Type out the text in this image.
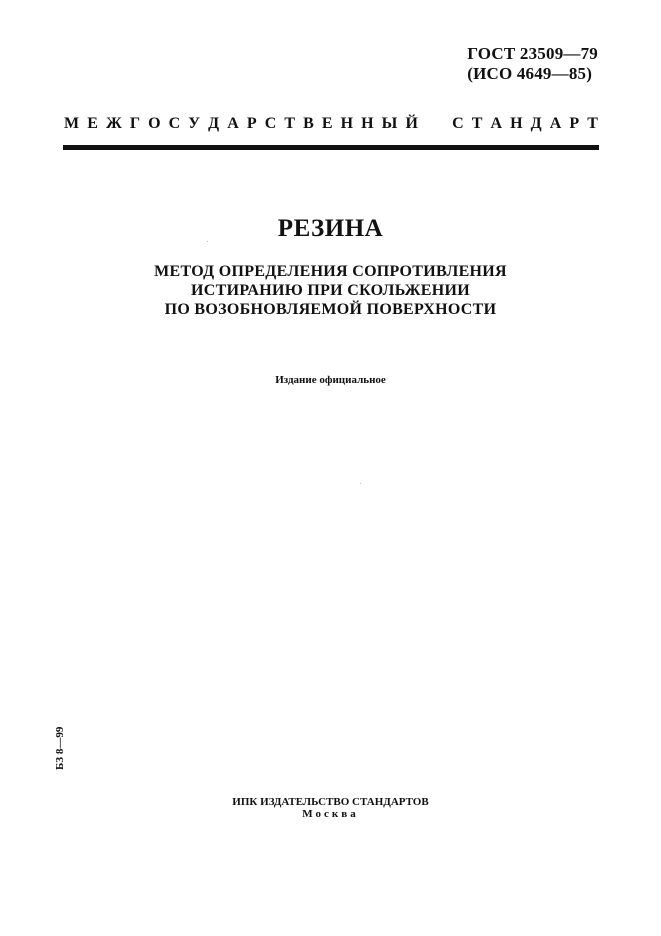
ГОСТ 23509—79
(ИСО 4649—85)
М Е Ж Г О С У Д А Р С Т В Е Н Н Ы Й С Т А Н Д А Р Т
РЕЗИНА
МЕТОД ОПРЕДЕЛЕНИЯ СОПРОТИВЛЕНИЯ
ИСТИРАНИЮ ПРИ СКОЛЬЖЕНИИ
ПО ВОЗОБНОВЛЯЕМОЙ ПОВЕРХНОСТИ
Издание официальное
БЗ 8—99
ИПК ИЗДАТЕЛЬСТВО СТАНДАРТОВ
Москва
